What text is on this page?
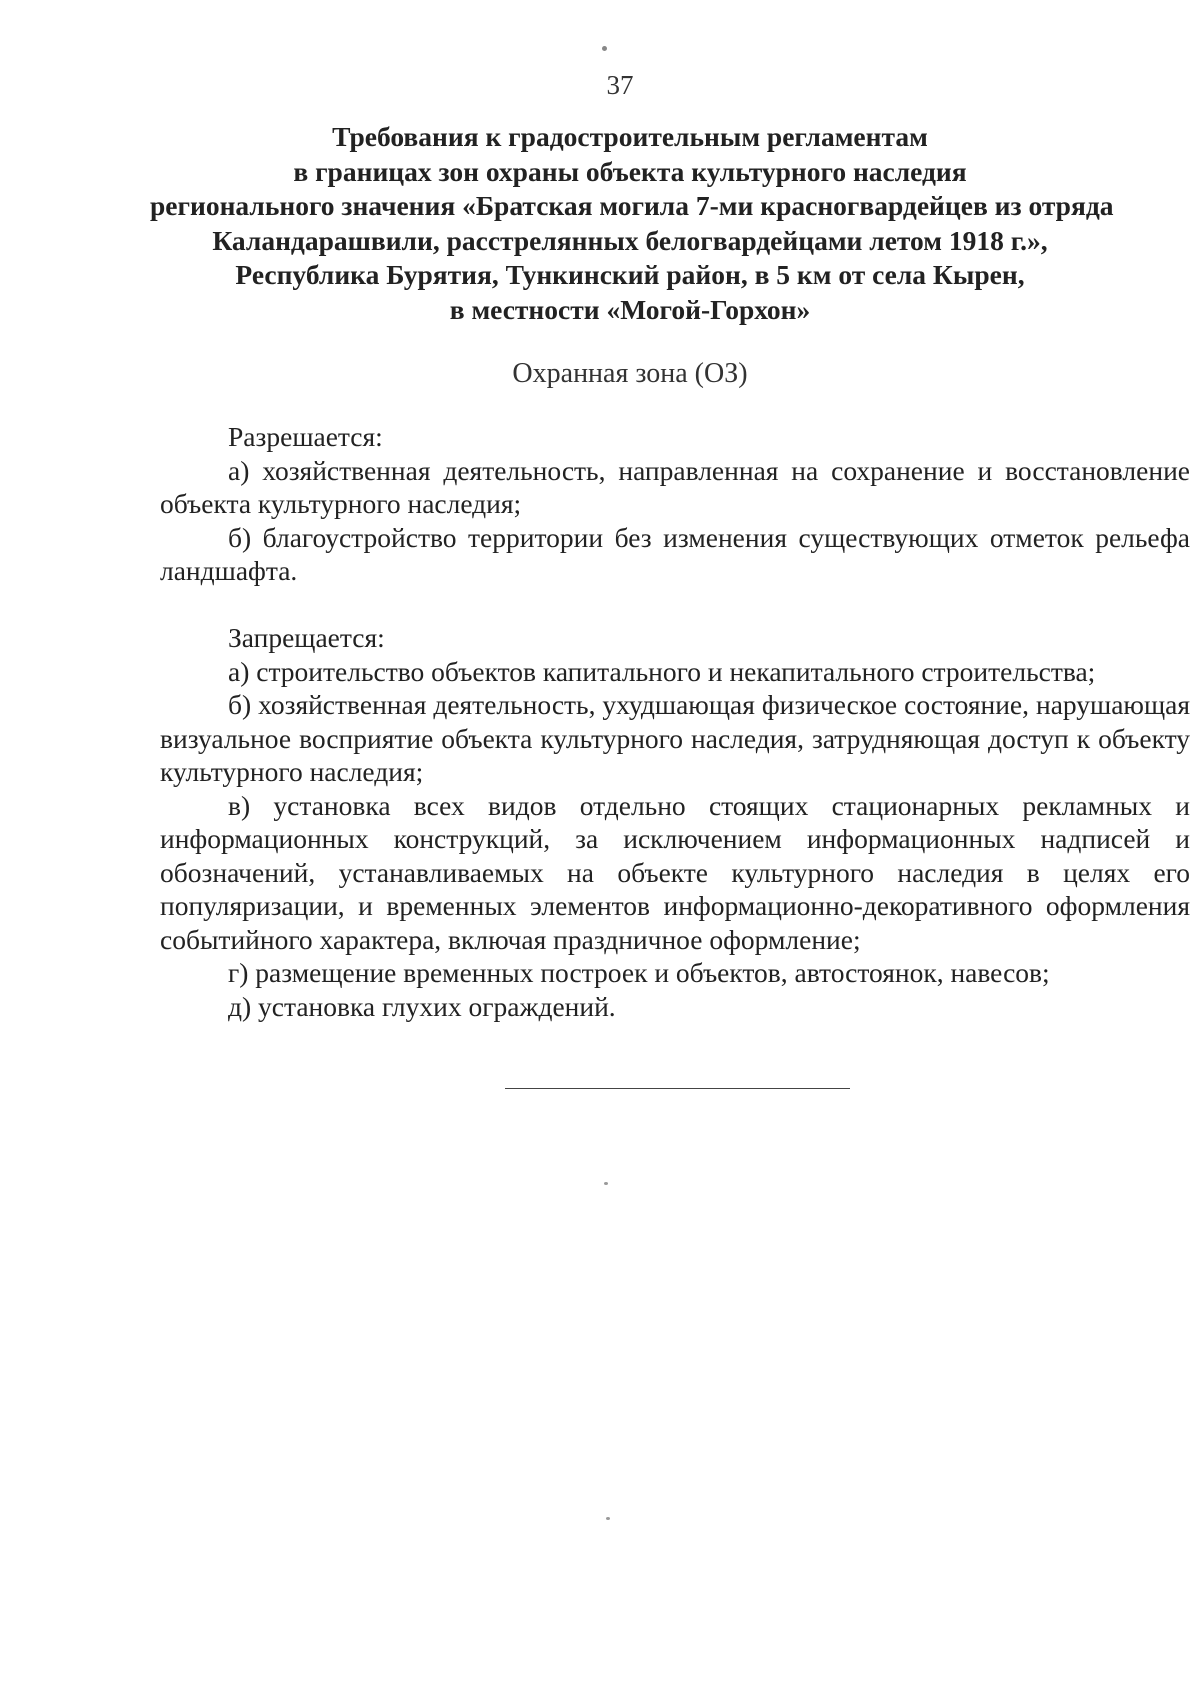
37
Требования к градостроительным регламентам
в границах зон охраны объекта культурного наследия
регионального значения «Братская могила 7-ми красногвардейцев из отряда
Каландарашвили, расстрелянных белогвардейцами летом 1918 г.»,
Республика Бурятия, Тункинский район, в 5 км от села Кырен,
в местности «Могой-Горхон»
Охранная зона (ОЗ)
Разрешается:
а) хозяйственная деятельность, направленная на сохранение и восстановление объекта культурного наследия;
б) благоустройство территории без изменения существующих отметок рельефа ландшафта.
Запрещается:
а) строительство объектов капитального и некапитального строительства;
б) хозяйственная деятельность, ухудшающая физическое состояние, нарушающая визуальное восприятие объекта культурного наследия, затрудняющая доступ к объекту культурного наследия;
в) установка всех видов отдельно стоящих стационарных рекламных и информационных конструкций, за исключением информационных надписей и обозначений, устанавливаемых на объекте культурного наследия в целях его популяризации, и временных элементов информационно-декоративного оформления событийного характера, включая праздничное оформление;
г) размещение временных построек и объектов, автостоянок, навесов;
д) установка глухих ограждений.
